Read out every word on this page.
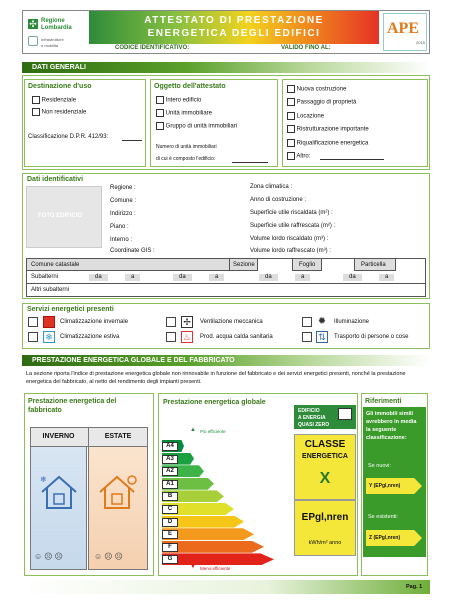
✣ Regione
Lombardia
Infrastrutture
e mobilità
ATTESTATO DI PRESTAZIONE
ENERGETICA DEGLI EDIFICI
CODICE IDENTIFICATIVO:	VALIDO FINO AL:
APE
2015
DATI GENERALI
Destinazione d'uso
Residenziale
Non residenziale
Classificazione D.P.R. 412/93:
Oggetto dell'attestato
Intero edificio
Unità immobiliare
Gruppo di unità immobiliari
Numero di unità immobiliari
di cui è composto l'edificio:
Nuova costruzione
Passaggio di proprietà
Locazione
Ristrutturazione importante
Riqualificazione energetica
Altro:
Dati identificativi
FOTO EDIFICIO
Regione :
Comune :
Indirizzo :
Piano :
Interno :
Coordinate GIS :
Zona climatica :
Anno di costruzione :
Superficie utile riscaldata (m²) :
Superficie utile raffrescata (m²) :
Volume lordo riscaldato (m³) :
Volume lordo raffrescato (m³) :
Comune catastale	Sezione	Foglio	Particella
Subalterni	da	a	da	a	da	a	da	a
Altri subalterni
Servizi energetici presenti
Climatizzazione invernale
❄	Climatizzazione estiva
✢	Ventilazione meccanica
♨	Prod. acqua calda sanitaria
✹	Illuminazione
⇅	Trasporto di persone o cose
PRESTAZIONE ENERGETICA GLOBALE E DEL FABBRICATO
La sezione riporta l'indice di prestazione energetica globale non rinnovabile in funzione del fabbricato e dei servizi energetici presenti, nonché la prestazione energetica del fabbricato, al netto del rendimento degli impianti presenti.
Prestazione energetica del
fabbricato
INVERNO	ESTATE
❄
☺☹☹	☺☹☹
Prestazione energetica globale
Più efficiente
▲
A4
A3
A2
A1
B
C
D
E
F
G
▼ Meno efficiente
EDIFICIO
A ENERGIA
QUASI ZERO
CLASSE
ENERGETICA
X
EPgl,nren
kWh/m² anno
Riferimenti
Gli immobili simili
avrebbero in media
la seguente
classificazione:
Se nuovi:
Y (EPgl,nren)
Se esistenti:
Z (EPgl,nren)
Pag. 1
